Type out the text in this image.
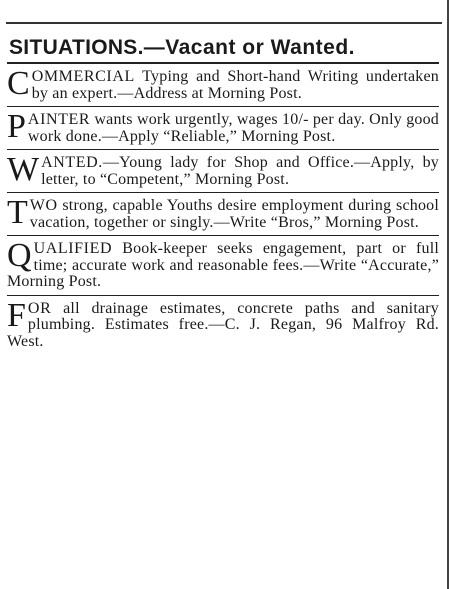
SITUATIONS.—Vacant or Wanted.
COMMERCIAL Typing and Short-hand Writing undertaken by an expert.—Address at Morning Post.
PAINTER wants work urgently, wages 10/- per day. Only good work done.—Apply “Reliable,” Morning Post.
WANTED.—Young lady for Shop and Office.—Apply, by letter, to “Competent,” Morning Post.
TWO strong, capable Youths desire employment during school vacation, together or singly.—Write “Bros,” Morning Post.
QUALIFIED Book-keeper seeks engagement, part or full time; accurate work and reasonable fees.—Write “Accurate,” Morning Post.
FOR all drainage estimates, concrete paths and sanitary plumbing. Estimates free.—C. J. Regan, 96 Malfroy Rd. West.
